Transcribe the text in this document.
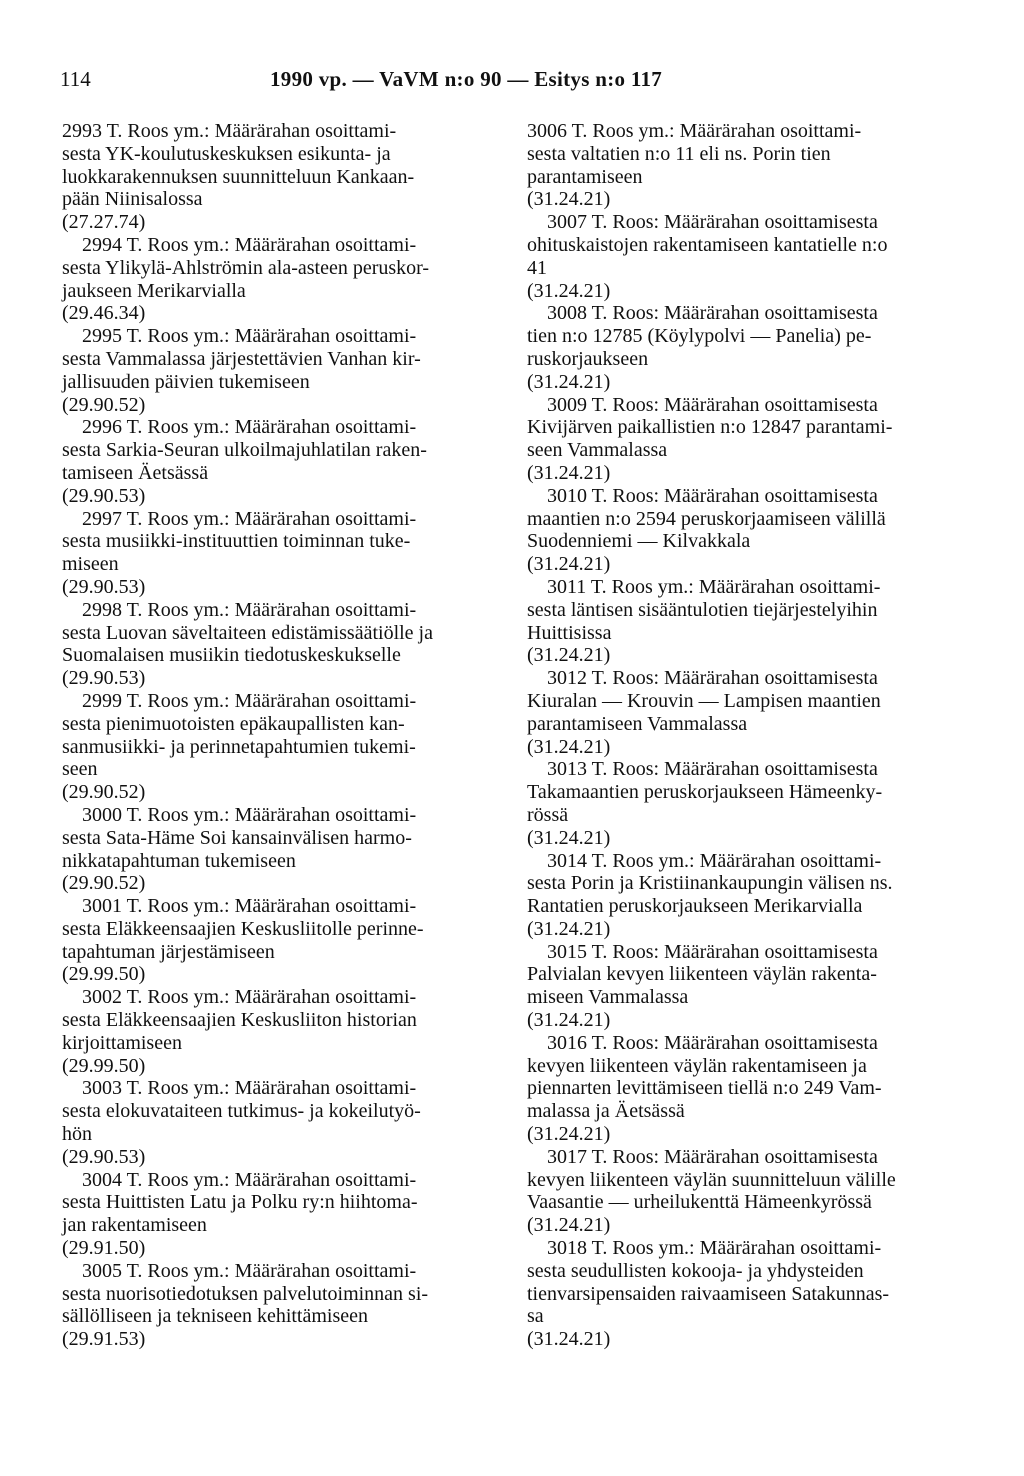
114	1990 vp. — VaVM n:o 90 — Esitys n:o 117
2993 T. Roos ym.: Määrärahan osoittami-
sesta YK-koulutuskeskuksen esikunta- ja
luokkarakennuksen suunnitteluun Kankaan-
pään Niinisalossa
(27.27.74)
2994 T. Roos ym.: Määrärahan osoittami-
sesta Ylikylä-Ahlströmin ala-asteen peruskor-
jaukseen Merikarvialla
(29.46.34)
2995 T. Roos ym.: Määrärahan osoittami-
sesta Vammalassa järjestettävien Vanhan kir-
jallisuuden päivien tukemiseen
(29.90.52)
2996 T. Roos ym.: Määrärahan osoittami-
sesta Sarkia-Seuran ulkoilmajuhlatilan raken-
tamiseen Äetsässä
(29.90.53)
2997 T. Roos ym.: Määrärahan osoittami-
sesta musiikki-instituuttien toiminnan tuke-
miseen
(29.90.53)
2998 T. Roos ym.: Määrärahan osoittami-
sesta Luovan säveltaiteen edistämissäätiölle ja
Suomalaisen musiikin tiedotuskeskukselle
(29.90.53)
2999 T. Roos ym.: Määrärahan osoittami-
sesta pienimuotoisten epäkaupallisten kan-
sanmusiikki- ja perinnetapahtumien tukemi-
seen
(29.90.52)
3000 T. Roos ym.: Määrärahan osoittami-
sesta Sata-Häme Soi kansainvälisen harmo-
nikkatapahtuman tukemiseen
(29.90.52)
3001 T. Roos ym.: Määrärahan osoittami-
sesta Eläkkeensaajien Keskusliitolle perinne-
tapahtuman järjestämiseen
(29.99.50)
3002 T. Roos ym.: Määrärahan osoittami-
sesta Eläkkeensaajien Keskusliiton historian
kirjoittamiseen
(29.99.50)
3003 T. Roos ym.: Määrärahan osoittami-
sesta elokuvataiteen tutkimus- ja kokeilutyö-
hön
(29.90.53)
3004 T. Roos ym.: Määrärahan osoittami-
sesta Huittisten Latu ja Polku ry:n hiihtoma-
jan rakentamiseen
(29.91.50)
3005 T. Roos ym.: Määrärahan osoittami-
sesta nuorisotiedotuksen palvelutoiminnan si-
sällölliseen ja tekniseen kehittämiseen
(29.91.53)
3006 T. Roos ym.: Määrärahan osoittami-
sesta valtatien n:o 11 eli ns. Porin tien
parantamiseen
(31.24.21)
3007 T. Roos: Määrärahan osoittamisesta
ohituskaistojen rakentamiseen kantatielle n:o
41
(31.24.21)
3008 T. Roos: Määrärahan osoittamisesta
tien n:o 12785 (Köylypolvi — Panelia) pe-
ruskorjaukseen
(31.24.21)
3009 T. Roos: Määrärahan osoittamisesta
Kivijärven paikallistien n:o 12847 parantami-
seen Vammalassa
(31.24.21)
3010 T. Roos: Määrärahan osoittamisesta
maantien n:o 2594 peruskorjaamiseen välillä
Suodenniemi — Kilvakkala
(31.24.21)
3011 T. Roos ym.: Määrärahan osoittami-
sesta läntisen sisääntulotien tiejärjestelyihin
Huittisissa
(31.24.21)
3012 T. Roos: Määrärahan osoittamisesta
Kiuralan — Krouvin — Lampisen maantien
parantamiseen Vammalassa
(31.24.21)
3013 T. Roos: Määrärahan osoittamisesta
Takamaantien peruskorjaukseen Hämeenky-
rössä
(31.24.21)
3014 T. Roos ym.: Määrärahan osoittami-
sesta Porin ja Kristiinankaupungin välisen ns.
Rantatien peruskorjaukseen Merikarvialla
(31.24.21)
3015 T. Roos: Määrärahan osoittamisesta
Palvialan kevyen liikenteen väylän rakenta-
miseen Vammalassa
(31.24.21)
3016 T. Roos: Määrärahan osoittamisesta
kevyen liikenteen väylän rakentamiseen ja
piennarten levittämiseen tiellä n:o 249 Vam-
malassa ja Äetsässä
(31.24.21)
3017 T. Roos: Määrärahan osoittamisesta
kevyen liikenteen väylän suunnitteluun välille
Vaasantie — urheilukenttä Hämeenkyrössä
(31.24.21)
3018 T. Roos ym.: Määrärahan osoittami-
sesta seudullisten kokooja- ja yhdysteiden
tienvarsipensaiden raivaamiseen Satakunnas-
sa
(31.24.21)
